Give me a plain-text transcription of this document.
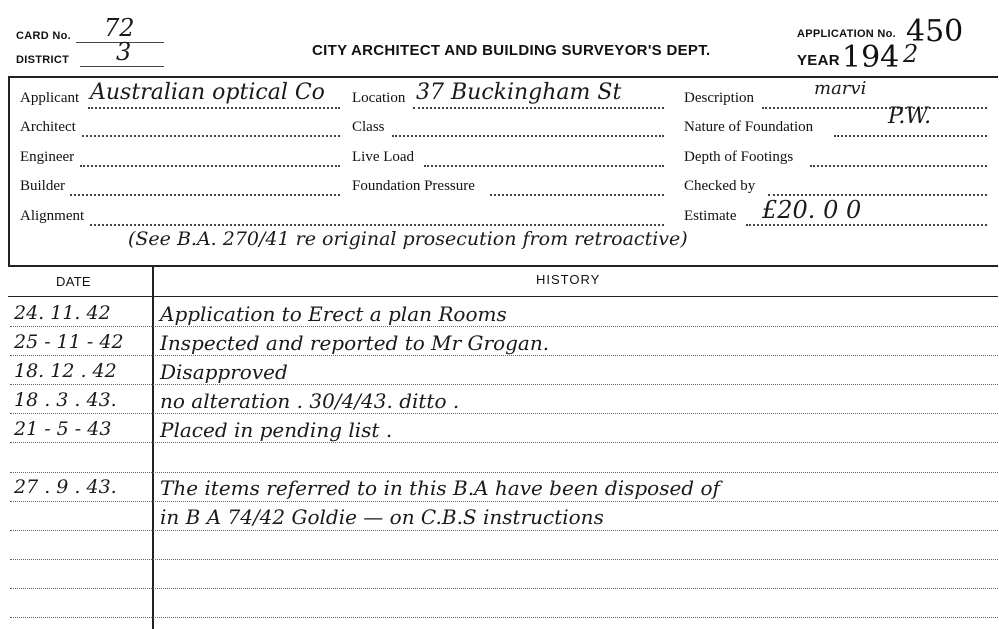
CARD No. 72
DISTRICT 3	CITY ARCHITECT AND BUILDING SURVEYOR'S DEPT.
APPLICATION No. 450
YEAR 194 2
Applicant Australian optical Co
Architect
Engineer
Builder
Alignment
Location 37 Buckingham St
Class
Live Load
Foundation Pressure
Description	marvi
Nature of Foundation	P.W.
Depth of Footings
Checked by
Estimate £20. 0 0
(See B.A. 270/41 re original prosecution from retroactive)
DATE	HISTORY
24. 11. 42 Application to Erect a plan Rooms
25 - 11 - 42 Inspected and reported to Mr Grogan.
18. 12 . 42 Disapproved
18 . 3 . 43. no alteration . 30/4/43. ditto .
21 - 5 - 43 Placed in pending list .
27 . 9 . 43. The items referred to in this B.A have been disposed of
in B A 74/42 Goldie — on C.B.S instructions
